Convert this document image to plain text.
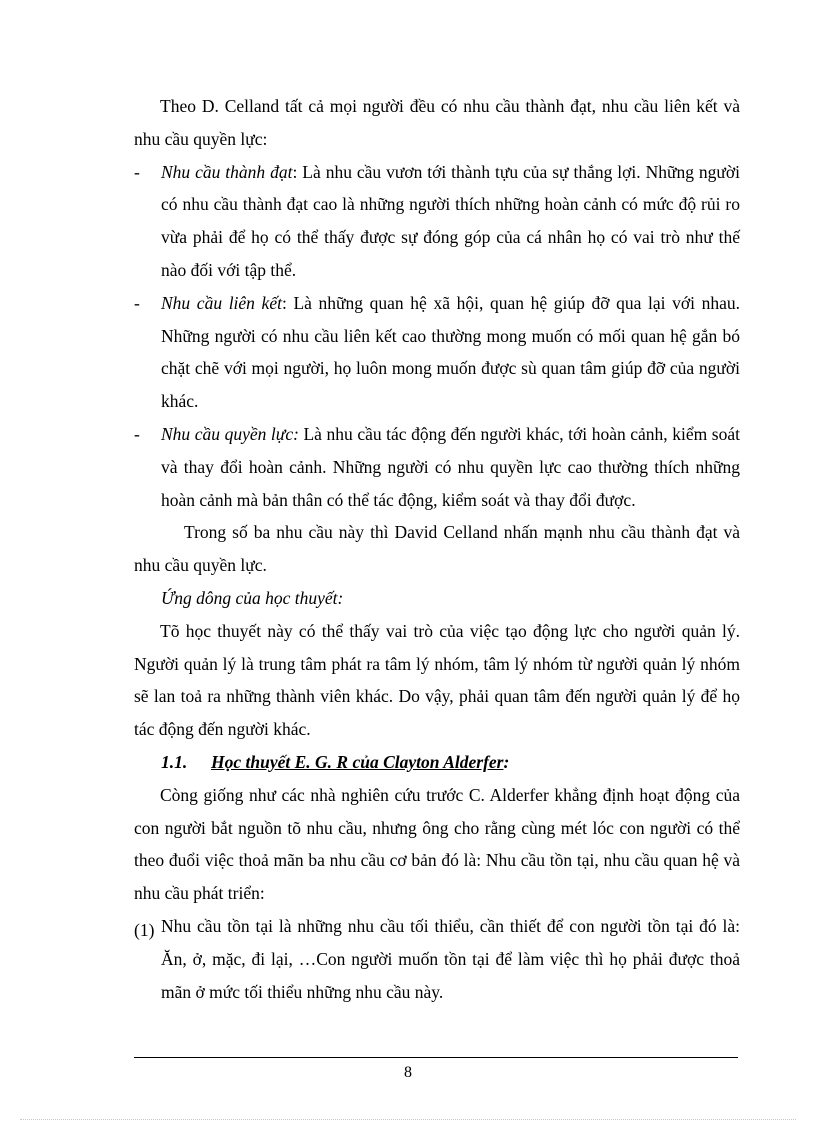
Theo D. Celland tất cả mọi người đều có nhu cầu thành đạt, nhu cầu liên kết và nhu cầu quyền lực:

- Nhu cầu thành đạt: Là nhu cầu vươn tới thành tựu của sự thắng lợi. Những người có nhu cầu thành đạt cao là những người thích những hoàn cảnh có mức độ rủi ro vừa phải để họ có thể thấy được sự đóng góp của cá nhân họ có vai trò như thế nào đối với tập thể.

- Nhu cầu liên kết: Là những quan hệ xã hội, quan hệ giúp đỡ qua lại với nhau. Những người có nhu cầu liên kết cao thường mong muốn có mối quan hệ gắn bó chặt chẽ với mọi người, họ luôn mong muốn được sù quan tâm giúp đỡ của người khác.

- Nhu cầu quyền lực: Là nhu cầu tác động đến người khác, tới hoàn cảnh, kiểm soát và thay đổi hoàn cảnh. Những người có nhu quyền lực cao thường thích những hoàn cảnh mà bản thân có thể tác động, kiểm soát và thay đổi được.

Trong số ba nhu cầu này thì David Celland nhấn mạnh nhu cầu thành đạt và nhu cầu quyền lực.

Ứng dông của học thuyết:

Tõ học thuyết này có thể thấy vai trò của việc tạo động lực cho người quản lý. Người quản lý là trung tâm phát ra tâm lý nhóm, tâm lý nhóm từ người quản lý nhóm sẽ lan toả ra những thành viên khác. Do vậy, phải quan tâm đến người quản lý để họ tác động đến người khác.

1.1. Học thuyết E. G. R của Clayton Alderfer:

Còng giống như các nhà nghiên cứu trước C. Alderfer khẳng định hoạt động của con người bắt nguồn tõ nhu cầu, nhưng ông cho rằng cùng mét lóc con người có thể theo đuổi việc thoả mãn ba nhu cầu cơ bản đó là: Nhu cầu tồn tại, nhu cầu quan hệ và nhu cầu phát triển:

(1) Nhu cầu tồn tại là những nhu cầu tối thiểu, cần thiết để con người tồn tại đó là: Ăn, ở, mặc, đi lại, …Con người muốn tồn tại để làm việc thì họ phải được thoả mãn ở mức tối thiểu những nhu cầu này.

8
